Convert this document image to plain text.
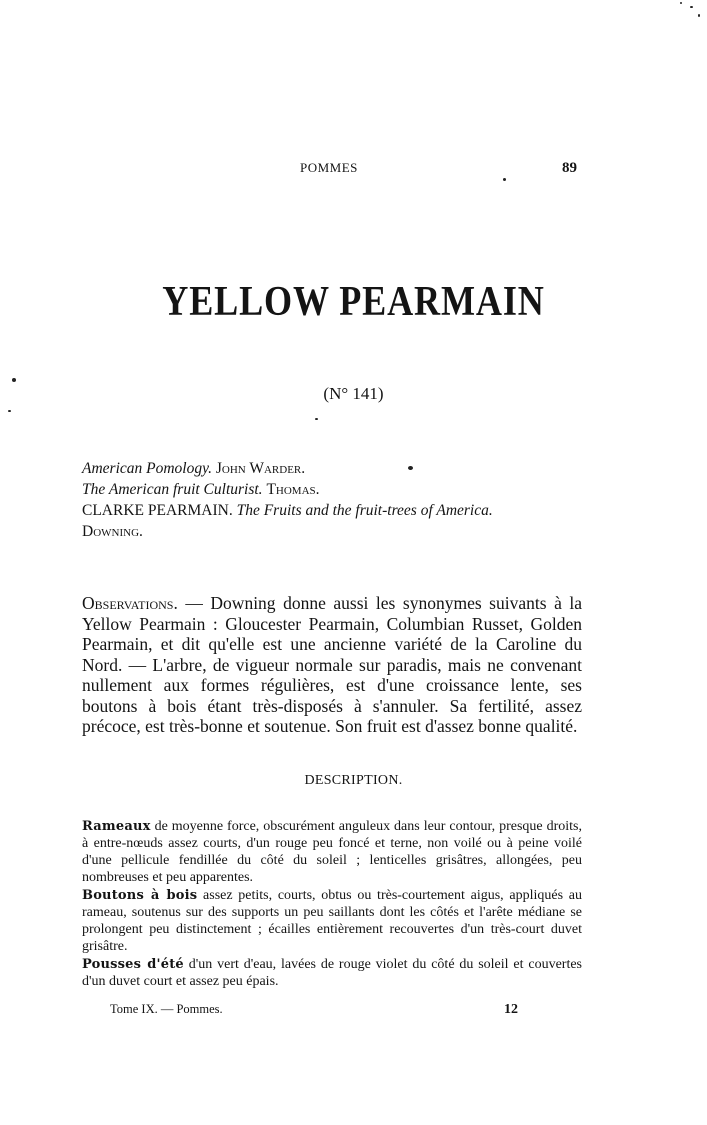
POMMES	89
YELLOW PEARMAIN
(N° 141)
American Pomology. John Warder.
The American fruit Culturist. Thomas.
CLARKE PEARMAIN. The Fruits and the fruit-trees of America.
Downing.

Observations. — Downing donne aussi les synonymes suivants à la Yellow Pearmain : Gloucester Pearmain, Columbian Russet, Golden Pearmain, et dit qu'elle est une ancienne variété de la Caroline du Nord. — L'arbre, de vigueur normale sur paradis, mais ne convenant nullement aux formes régulières, est d'une croissance lente, ses boutons à bois étant très-disposés à s'annuler. Sa fertilité, assez précoce, est très-bonne et soutenue. Son fruit est d'assez bonne qualité.

DESCRIPTION.

Rameaux de moyenne force, obscurément anguleux dans leur contour, presque droits, à entre-nœuds assez courts, d'un rouge peu foncé et terne, non voilé ou à peine voilé d'une pellicule fendillée du côté du soleil ; lenticelles grisâtres, allongées, peu nombreuses et peu apparentes.

Boutons à bois assez petits, courts, obtus ou très-courtement aigus, appliqués au rameau, soutenus sur des supports un peu saillants dont les côtés et l'arête médiane se prolongent peu distinctement ; écailles entièrement recouvertes d'un très-court duvet grisâtre.

Pousses d'été d'un vert d'eau, lavées de rouge violet du côté du soleil et couvertes d'un duvet court et assez peu épais.

Tome IX. — Pommes.	12
